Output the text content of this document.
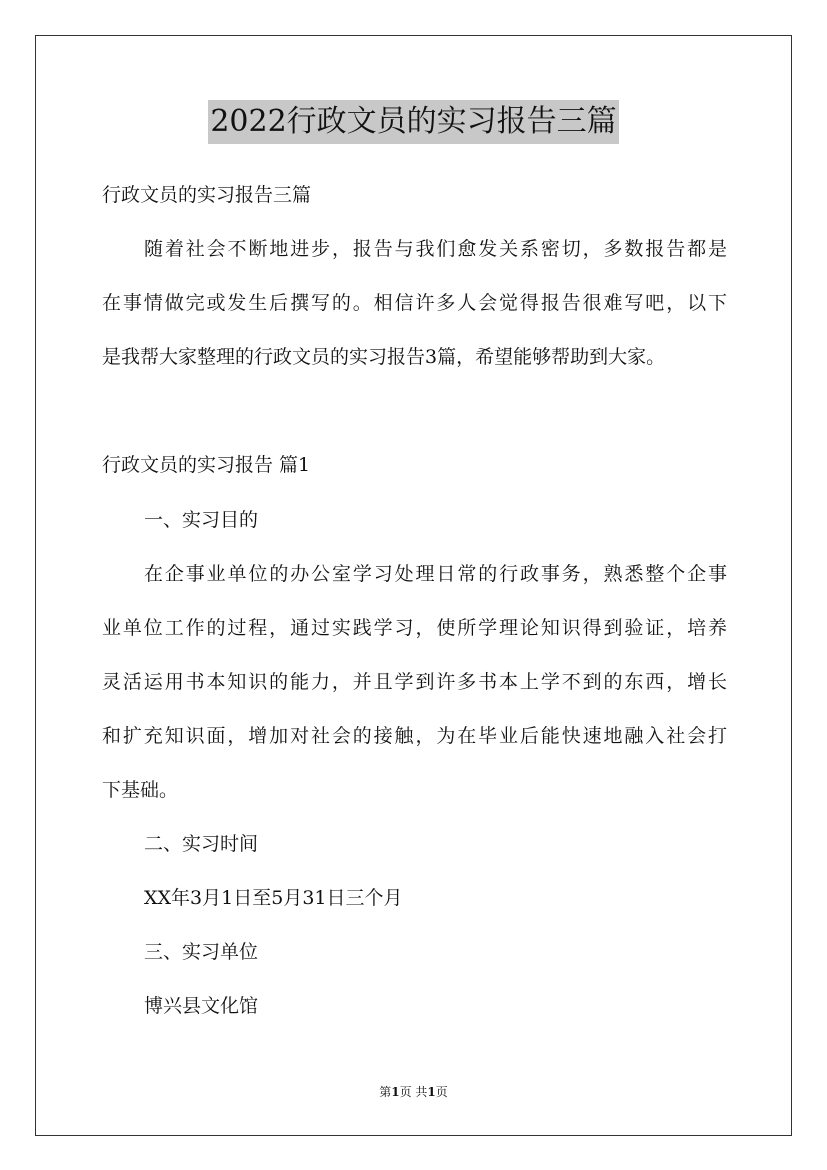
2022行政文员的实习报告三篇
行政文员的实习报告三篇
随着社会不断地进步，报告与我们愈发关系密切，多数报告都是
在事情做完或发生后撰写的。相信许多人会觉得报告很难写吧，以下
是我帮大家整理的行政文员的实习报告3篇，希望能够帮助到大家。
行政文员的实习报告 篇1
一、实习目的
在企事业单位的办公室学习处理日常的行政事务，熟悉整个企事
业单位工作的过程，通过实践学习，使所学理论知识得到验证，培养
灵活运用书本知识的能力，并且学到许多书本上学不到的东西，增长
和扩充知识面，增加对社会的接触，为在毕业后能快速地融入社会打
下基础。
二、实习时间
XX年3月1日至5月31日三个月
三、实习单位
博兴县文化馆
第1页 共1页
